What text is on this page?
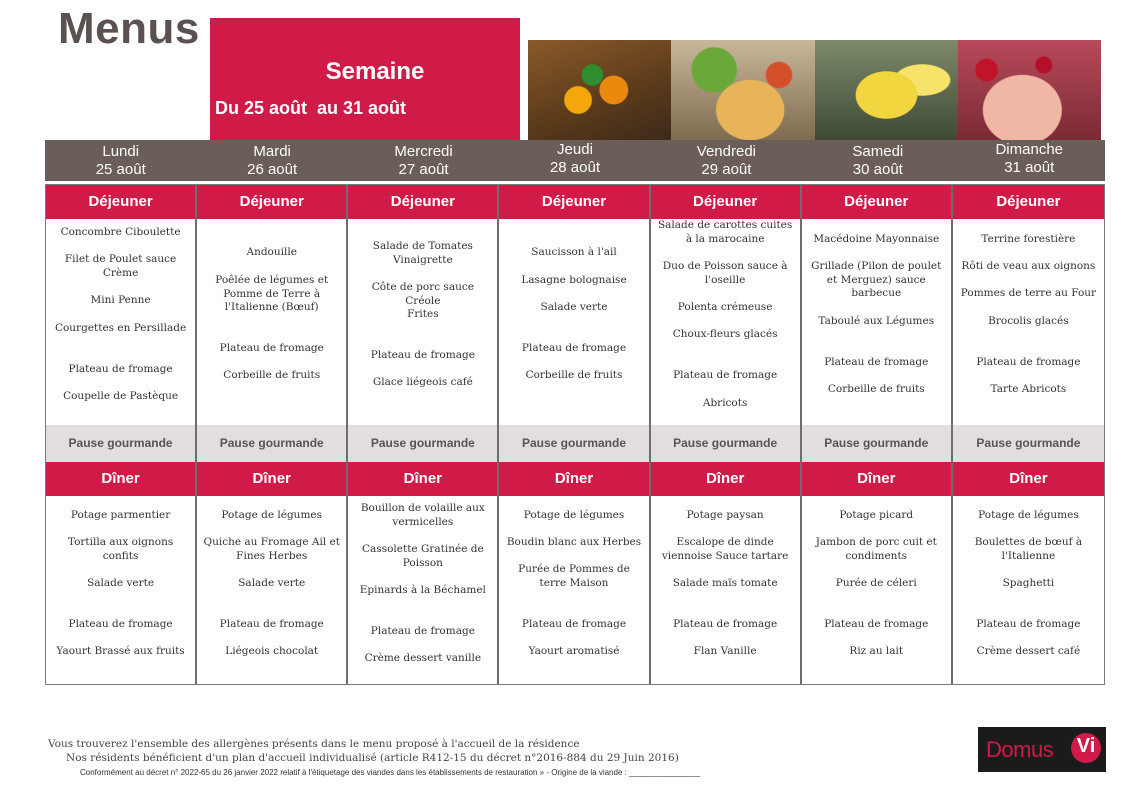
Menus
Semaine
Du 25 août  au 31 août
Lundi
25 août
Mardi
26 août
Mercredi
27 août
Jeudi
28 août
Vendredi
29 août
Samedi
30 août
Dimanche
31 août
Déjeuner
Concombre Ciboulette
Filet de Poulet sauce Crème
Mini Penne
Courgettes en Persillade
Plateau de fromage
Coupelle de Pastèque
Pause gourmande
Dîner
Potage parmentier
Tortilla aux oignons confits
Salade verte
Plateau de fromage
Yaourt Brassé aux fruits
Déjeuner
Andouille
Poêlée de légumes et Pomme de Terre à l'Italienne (Bœuf)
Plateau de fromage
Corbeille de fruits
Pause gourmande
Dîner
Potage de légumes
Quiche au Fromage Ail et Fines Herbes
Salade verte
Plateau de fromage
Liégeois chocolat
Déjeuner
Salade de Tomates Vinaigrette
Côte de porc sauce Créole
Frites
Plateau de fromage
Glace liégeois café
Pause gourmande
Dîner
Bouillon de volaille aux vermicelles
Cassolette Gratinée de Poisson
Epinards à la Béchamel
Plateau de fromage
Crème dessert vanille
Déjeuner
Saucisson à l'ail
Lasagne bolognaise
Salade verte
Plateau de fromage
Corbeille de fruits
Pause gourmande
Dîner
Potage de légumes
Boudin blanc aux Herbes
Purée de Pommes de terre Maison
Plateau de fromage
Yaourt aromatisé
Déjeuner
Salade de carottes cuites à la marocaine
Duo de Poisson sauce à l'oseille
Polenta crémeuse
Choux-fleurs glacés
Plateau de fromage
Abricots
Pause gourmande
Dîner
Potage paysan
Escalope de dinde viennoise Sauce tartare
Salade maïs tomate
Plateau de fromage
Flan Vanille
Déjeuner
Macédoine Mayonnaise
Grillade (Pilon de poulet et Merguez) sauce barbecue
Taboulé aux Légumes
Plateau de fromage
Corbeille de fruits
Pause gourmande
Dîner
Potage picard
Jambon de porc cuit et condiments
Purée de céleri
Plateau de fromage
Riz au lait
Déjeuner
Terrine forestière
Rôti de veau aux oignons
Pommes de terre au Four
Brocolis glacés
Plateau de fromage
Tarte Abricots
Pause gourmande
Dîner
Potage de légumes
Boulettes de bœuf à l'Italienne
Spaghetti
Plateau de fromage
Crème dessert café
Vous trouverez l'ensemble des allergènes présents dans le menu proposé à l'accueil de la résidence
Nos résidents bénéficient d'un plan d'accueil individualisé (article R412-15 du décret n°2016-884 du 29 Juin 2016)
Conformément au décret n° 2022-65 du 26 janvier 2022 relatif à l'étiquetage des viandes dans les établissements de restauration » - Origine de la viande : ________________
Domus Vi
